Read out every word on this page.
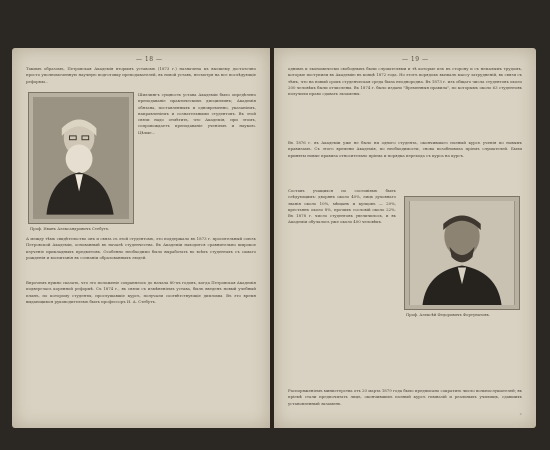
— 18 —
Такимъ образомъ, Петровская Академія вторымъ уставомъ (1873 г.) назначена къ высшему достаточно просто уполномоченную научную подготовку преподавателей, въ новой уставъ, несмотря на все послѣдующіе реформы...
Проф. Иванъ Александровичъ Стебутъ.
Шиллингъ сущность устава Академіи было опредѣлено преподаваніе практическихъ дисциплинъ; Академія обязана, поставленныхъ и одновременно, указаніемъ, направленіемъ и сознательными студентовъ. Въ этой связи надо отмѣтить, что Академія, при этомъ, сопровождаетъ преподаваніе ученіемъ и наукою. Цѣлые...
А между тѣмъ свидѣтельство онъ и связь съ этой студентомъ, это поддержало въ 1873 г. просительный союзъ Петровской Академіи, основанный въ началѣ студенчества. Въ Академіи находится сравнительно широкое изученіе прикладныхъ предметовъ. Особенно необходимо было выработать во всѣхъ студентахъ съ самаго рожденія и воспитанія въ сознаніи образованныхъ людей.
Впрочемъ нужно сказать, что это положеніе сохранялось до начала 80-хъ годовъ, когда Петровская Академія подверглась коренной реформѣ. Съ 1874 г., въ связи съ измѣненіемъ устава, былъ введенъ новый учебный планъ, по которому студенты, прослушавшіе курсъ, получали соотвѣтствующіе дипломы. Въ это время выдающимся руководителемъ былъ профессоръ И. А. Стебутъ.
— 19 —
однимъ и экономически свободныхъ были слушателями и тѣ которые изъ въ сторону и съ немалымъ трудомъ, которые поступили въ Академію въ концѣ 1872 года. Но этотъ порядокъ вызвалъ массу затрудненій, въ связи съ тѣмъ, что на новый срокъ студенческая среда была неоднородна. Въ 1873 г. изъ общаго числа студентовъ около 200 человѣкъ были отчислены. Въ 1874 г. было издано "Временныя правила", по которымъ около 63 студентовъ получили право сдавать экзамены.
Въ 1876 г. въ Академіи уже не было ни одного студента, окончившаго полный курсъ ученія по новымъ правиламъ. Съ этого времени Академія, по необходимости, снова возобновила пріемъ слушателей. Были приняты новые правила относительно пріема и порядка перехода съ курса на курсъ.
Составъ учащихся по сословіямъ былъ слѣдующимъ: дворянъ около 40%, лицъ духовнаго званія около 10%, мѣщанъ и купцовъ — 20%, крестьянъ около 8%, прочихъ сословій около 22%. Въ 1878 г. число студентовъ увеличилось, и въ Академіи обучалось уже около 400 человѣкъ.
Проф. Алексѣй Федоровичъ Фортунатовъ.
Распоряженіемъ министерства отъ 20 марта 1879 года было предписано сократить число вольнослушателей; въ пріемѣ стали предпочитать лицъ, окончившихъ полный курсъ гимназій и реальныхъ училищъ, сдавшихъ установленный экзаменъ.
»
